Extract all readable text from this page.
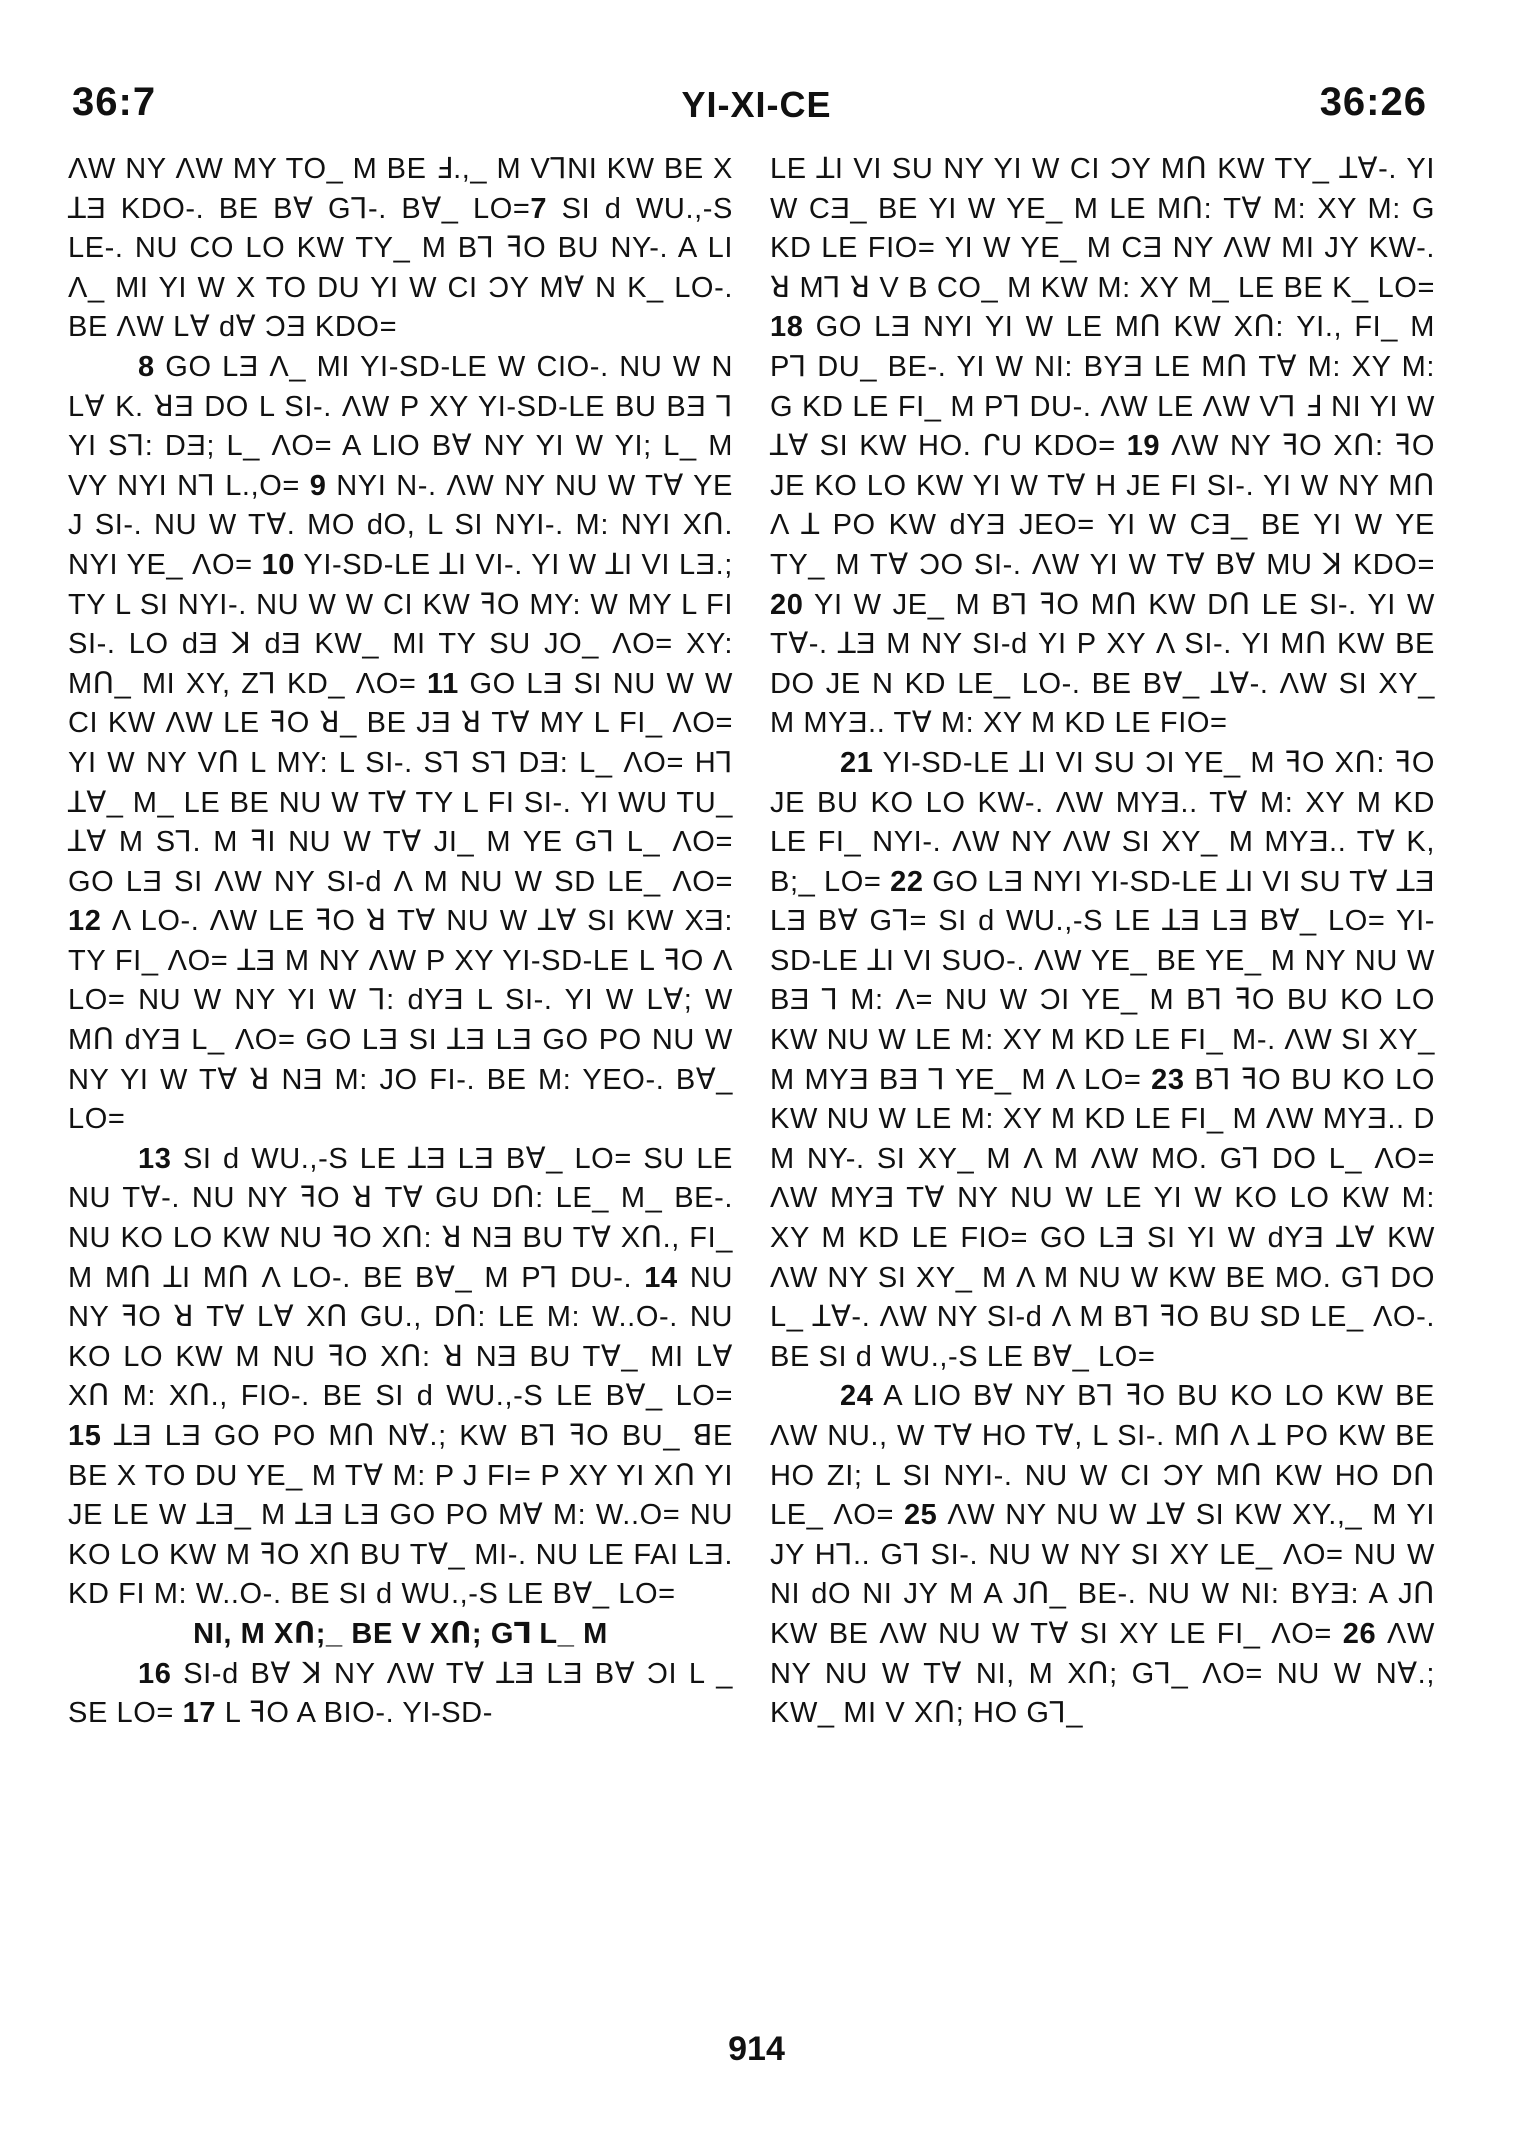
36:7	YI-XI-CE	36:26

ΛW NY ΛW MY TO_ M BE Ⅎ.,_ M VꓶNI KW BE X ꓕƎ KDO-. BE BⱯ Gꓶ-. BⱯ_ LO=7 SI ԁ WU.,-S LE-. NU CO LO KW TY_ M Bꓶ ꟻO BU NY-. A LI Λ_ MI YI W X TO DU YI W CI ƆY MⱯ N K_ LO-. BE ΛW LⱯ ԁⱯ ƆƎ KDO=

8 GO LƎ Λ_ MI YI-SD-LE W CIO-. NU W N LⱯ K. ꓤƎ DO L SI-. ΛW P XY YI-SD-LE BU BƎ ꓶ YI Sꓶ: DƎ; L_ ΛO= A LIO BⱯ NY YI W YI; L_ M VY NYI Nꓶ L.,O= 9 NYI N-. ΛW NY NU W TⱯ YE J SI-. NU W TⱯ. MO ԁO, L SI NYI-. M: NYI XՈ. NYI YE_ ΛO= 10 YI-SD-LE ꓕI VI-. YI W ꓕI VI LƎ.; TY L SI NYI-. NU W W CI KW ꟻO MY: W MY L FI SI-. LO ԁƎ ꓘ ԁƎ KW_ MI TY SU JO_ ΛO= XY: MՈ_ MI XY, Zꓶ KD_ ΛO= 11 GO LƎ SI NU W W CI KW ΛW LE ꟻO ꓤ_ BE JƎ ꓤ TⱯ MY L FI_ ΛO= YI W NY VՈ L MY: L SI-. Sꓶ Sꓶ DƎ: L_ ΛO= Hꓶ ꓕⱯ_ M_ LE BE NU W TⱯ TY L FI SI-. YI WU TU_ ꓕⱯ M Sꓶ. M ꟻI NU W TⱯ JI_ M YE Gꓶ L_ ΛO= GO LƎ SI ΛW NY SI-ԁ Λ M NU W SD LE_ ΛO= 12 Λ LO-. ΛW LE ꟻO ꓤ TⱯ NU W ꓕⱯ SI KW XƎ: TY FI_ ΛO= ꓕƎ M NY ΛW P XY YI-SD-LE L ꟻO Λ LO= NU W NY YI W ꓶ: ԁYƎ L SI-. YI W LⱯ; W MՈ ԁYƎ L_ ΛO= GO LƎ SI ꓕƎ LƎ GO PO NU W NY YI W TⱯ ꓤ NƎ M: JO FI-. BE M: YEO-. BⱯ_ LO=

13 SI ԁ WU.,-S LE ꓕƎ LƎ BⱯ_ LO= SU LE NU TⱯ-. NU NY ꟻO ꓤ TⱯ GU DՈ: LE_ M_ BE-. NU KO LO KW NU ꟻO XՈ: ꓤ NƎ BU TⱯ XՈ., FI_ M MՈ ꓕI MՈ Λ LO-. BE BⱯ_ M Pꓶ DU-. 14 NU NY ꟻO ꓤ TⱯ LⱯ XՈ GU., DՈ: LE M: W..O-. NU KO LO KW M NU ꟻO XՈ: ꓤ NƎ BU TⱯ_ MI LⱯ XՈ M: XՈ., FIO-. BE SI ԁ WU.,-S LE BⱯ_ LO= 15 ꓕƎ LƎ GO PO MՈ NⱯ.; KW Bꓶ ꟻO BU_ ꓭE BE X TO DU YE_ M TⱯ M: P J FI= P XY YI XՈ YI JE LE W ꓕƎ_ M ꓕƎ LƎ GO PO MⱯ M: W..O= NU KO LO KW M ꟻO XՈ BU TⱯ_ MI-. NU LE FAI LƎ. KD FI M: W..O-. BE SI ԁ WU.,-S LE BⱯ_ LO=

NI, M XՈ;_ BE V XՈ; Gꓶ L_ M

16 SI-ԁ BⱯ ꓘ NY ΛW TⱯ ꓕƎ LƎ BⱯ ƆI L _ SE LO= 17 L ꟻO A BIO-. YI-SD-

LE ꓕI VI SU NY YI W CI ƆY MՈ KW TY_ ꓕⱯ-. YI W CƎ_ BE YI W YE_ M LE MՈ: TⱯ M: XY M: G KD LE FIO= YI W YE_ M CƎ NY ΛW MI JY KW-. ꓤ Mꓶ ꓤ V B CO_ M KW M: XY M_ LE BE K_ LO= 18 GO LƎ NYI YI W LE MՈ KW XՈ: YI., FI_ M Pꓶ DU_ BE-. YI W NI: BYƎ LE MՈ TⱯ M: XY M: G KD LE FI_ M Pꓶ DU-. ΛW LE ΛW Vꓶ Ⅎ NI YI W ꓕⱯ SI KW HO. ᒋU KDO= 19 ΛW NY ꟻO XՈ: ꟻO JE KO LO KW YI W TⱯ H JE FI SI-. YI W NY MՈ Λ ꓕ PO KW ԁYƎ JEO= YI W CƎ_ BE YI W YE TY_ M TⱯ ƆO SI-. ΛW YI W TⱯ BⱯ MU ꓘ KDO= 20 YI W JE_ M Bꓶ ꟻO MՈ KW DՈ LE SI-. YI W TⱯ-. ꓕƎ M NY SI-ԁ YI P XY Λ SI-. YI MՈ KW BE DO JE N KD LE_ LO-. BE BⱯ_ ꓕⱯ-. ΛW SI XY_ M MYƎ.. TⱯ M: XY M KD LE FIO=

21 YI-SD-LE ꓕI VI SU ƆI YE_ M ꟻO XՈ: ꟻO JE BU KO LO KW-. ΛW MYƎ.. TⱯ M: XY M KD LE FI_ NYI-. ΛW NY ΛW SI XY_ M MYƎ.. TⱯ K, B;_ LO= 22 GO LƎ NYI YI-SD-LE ꓕI VI SU TⱯ ꓕƎ LƎ BⱯ Gꓶ= SI ԁ WU.,-S LE ꓕƎ LƎ BⱯ_ LO= YI-SD-LE ꓕI VI SUO-. ΛW YE_ BE YE_ M NY NU W BƎ ꓶ M: Λ= NU W ƆI YE_ M Bꓶ ꟻO BU KO LO KW NU W LE M: XY M KD LE FI_ M-. ΛW SI XY_ M MYƎ BƎ ꓶ YE_ M Λ LO= 23 Bꓶ ꟻO BU KO LO KW NU W LE M: XY M KD LE FI_ M ΛW MYƎ.. D M NY-. SI XY_ M Λ M ΛW MO. Gꓶ DO L_ ΛO= ΛW MYƎ TⱯ NY NU W LE YI W KO LO KW M: XY M KD LE FIO= GO LƎ SI YI W ԁYƎ ꓕⱯ KW ΛW NY SI XY_ M Λ M NU W KW BE MO. Gꓶ DO L_ ꓕⱯ-. ΛW NY SI-ԁ Λ M Bꓶ ꟻO BU SD LE_ ΛO-. BE SI ԁ WU.,-S LE BⱯ_ LO=

24 A LIO BⱯ NY Bꓶ ꟻO BU KO LO KW BE ΛW NU., W TⱯ HO TⱯ, L SI-. MՈ Λ ꓕ PO KW BE HO ZI; L SI NYI-. NU W CI ƆY MՈ KW HO DՈ LE_ ΛO= 25 ΛW NY NU W ꓕⱯ SI KW XY.,_ M YI JY Hꓶ.. Gꓶ SI-. NU W NY SI XY LE_ ΛO= NU W NI ԁO NI JY M A JՈ_ BE-. NU W NI: BYƎ: A JՈ KW BE ΛW NU W TⱯ SI XY LE FI_ ΛO= 26 ΛW NY NU W TⱯ NI, M XՈ; Gꓶ_ ΛO= NU W NⱯ.; KW_ MI V XՈ; HO Gꓶ_

914
